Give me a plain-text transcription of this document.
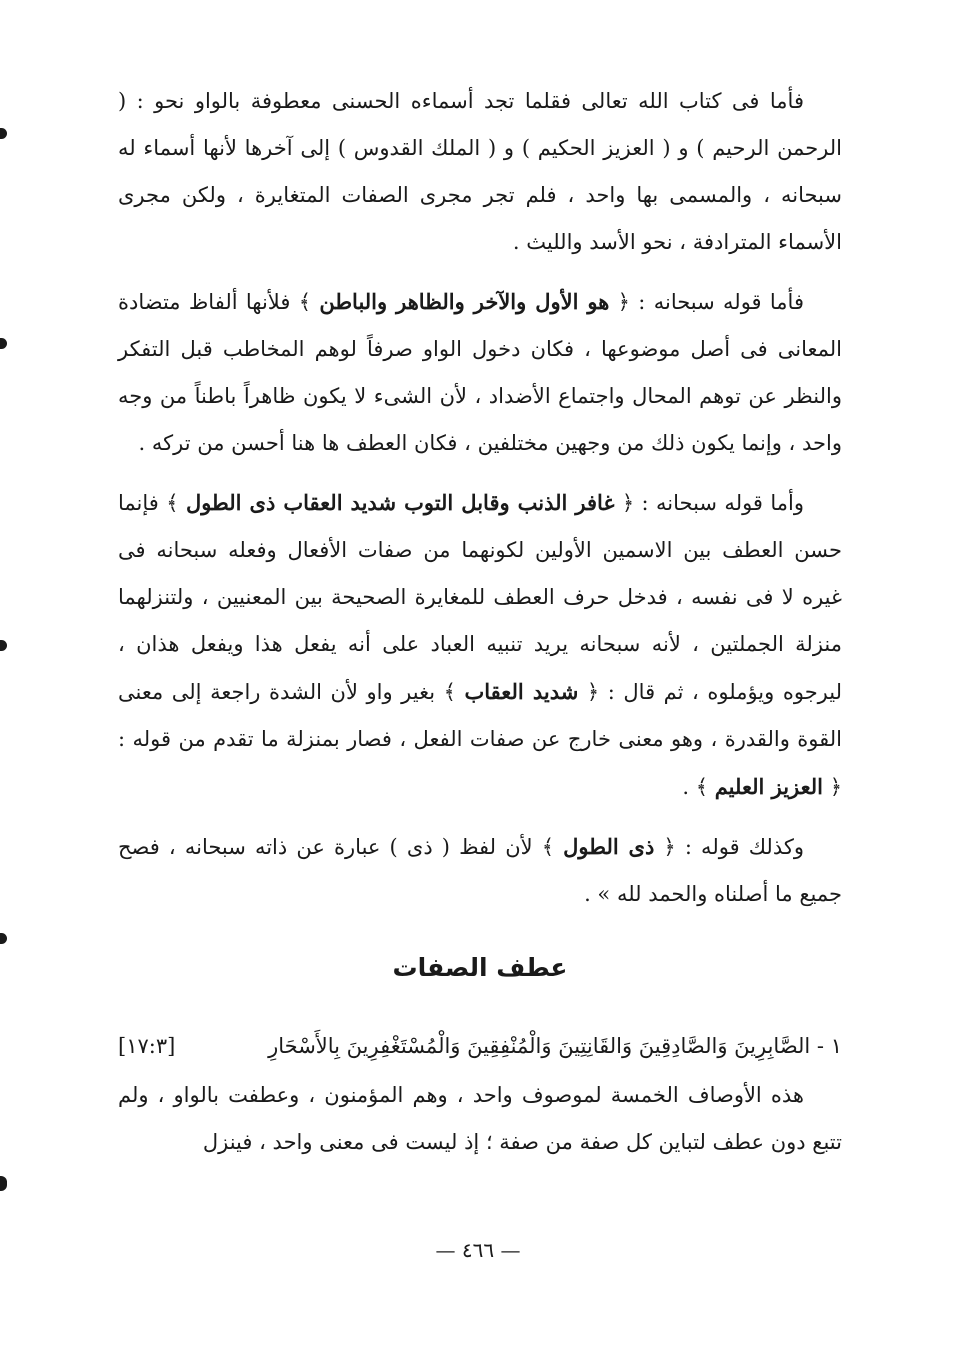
فأما فى كتاب الله تعالى فقلما تجد أسماءه الحسنى معطوفة بالواو نحو : ( الرحمن الرحيم ) و ( العزيز الحكيم ) و ( الملك القدوس ) إلى آخرها لأنها أسماء له سبحانه ، والمسمى بها واحد ، فلم تجر مجرى الصفات المتغايرة ، ولكن مجرى الأسماء المترادفة ، نحو الأسد والليث .

فأما قوله سبحانه : ﴿ هو الأول والآخر والظاهر والباطن ﴾ فلأنها ألفاظ متضادة المعانى فى أصل موضوعها ، فكان دخول الواو صرفاً لوهم المخاطب قبل التفكر والنظر عن توهم المحال واجتماع الأضداد ، لأن الشىء لا يكون ظاهراً باطناً من وجه واحد ، وإنما يكون ذلك من وجهين مختلفين ، فكان العطف ها هنا أحسن من تركه .

وأما قوله سبحانه : ﴿ غافر الذنب وقابل التوب شديد العقاب ذى الطول ﴾ فإنما حسن العطف بين الاسمين الأولين لكونهما من صفات الأفعال وفعله سبحانه فى غيره لا فى نفسه ، فدخل حرف العطف للمغايرة الصحيحة بين المعنيين ، ولتنزلهما منزلة الجملتين ، لأنه سبحانه يريد تنبيه العباد على أنه يفعل هذا ويفعل هذان ، ليرجوه ويؤملوه ، ثم قال : ﴿ شديد العقاب ﴾ بغير واو لأن الشدة راجعة إلى معنى القوة والقدرة ، وهو معنى خارج عن صفات الفعل ، فصار بمنزلة ما تقدم من قوله : ﴿ العزيز العليم ﴾ .

وكذلك قوله : ﴿ ذى الطول ﴾ لأن لفظ ( ذى ) عبارة عن ذاته سبحانه ، فصح جميع ما أصلناه والحمد لله » .

عطف الصفات
١ - الصَّابِرِينَ وَالصَّادِقِينَ وَالقَانِتِينَ وَالْمُنْفِقِينَ وَالْمُسْتَغْفِرِينَ بِالأَسْحَارِ
[١٧:٣]

هذه الأوصاف الخمسة لموصوف واحد ، وهم المؤمنون ، وعطفت بالواو ، ولم تتبع دون عطف لتباين كل صفة من صفة ؛ إذ ليست فى معنى واحد ، فينزل

— ٤٦٦ —
